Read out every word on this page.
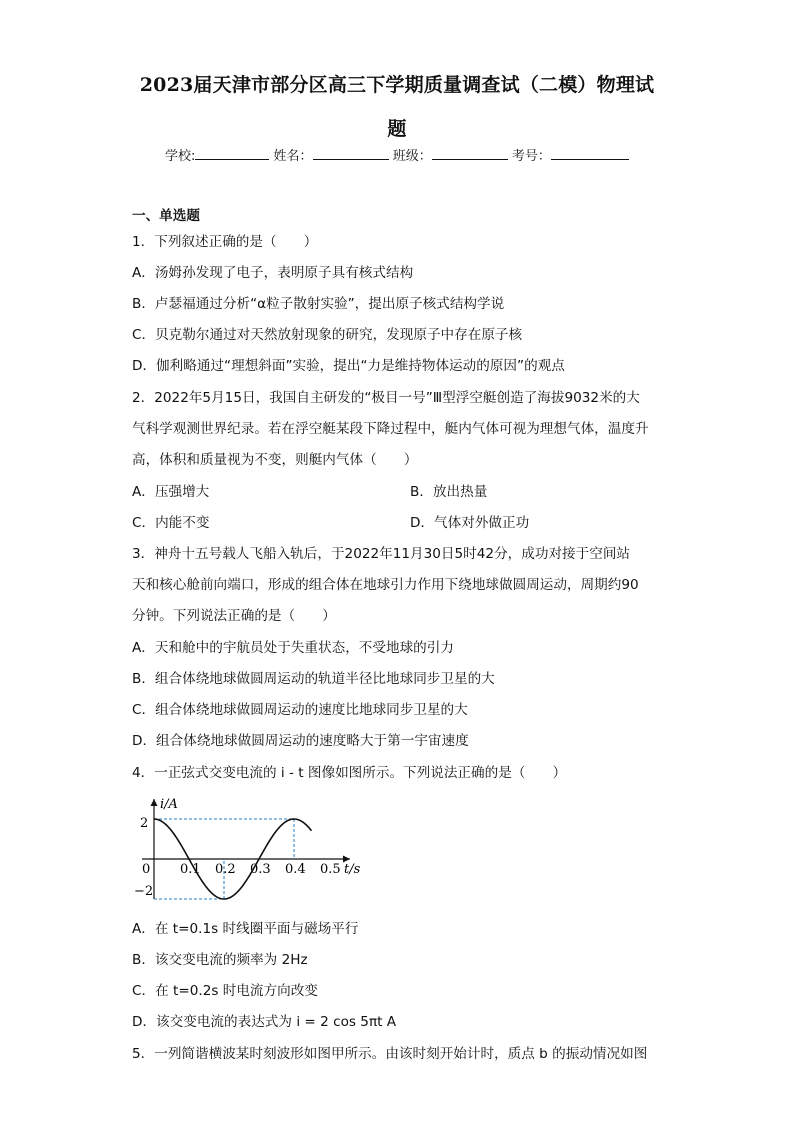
2023届天津市部分区高三下学期质量调查试（二模）物理试
题
学校:	姓名：	班级：	考号：
一、单选题
1．下列叙述正确的是（　　）
A．汤姆孙发现了电子，表明原子具有核式结构
B．卢瑟福通过分析“α粒子散射实验”，提出原子核式结构学说
C．贝克勒尔通过对天然放射现象的研究，发现原子中存在原子核
D．伽利略通过“理想斜面”实验，提出“力是维持物体运动的原因”的观点
2．2022年5月15日，我国自主研发的“极目一号”Ⅲ型浮空艇创造了海拔9032米的大
气科学观测世界纪录。若在浮空艇某段下降过程中，艇内气体可视为理想气体，温度升
高，体积和质量视为不变，则艇内气体（　　）
A．压强增大	B．放出热量
C．内能不变	D．气体对外做正功
3．神舟十五号载人飞船入轨后，于2022年11月30日5时42分，成功对接于空间站
天和核心舱前向端口，形成的组合体在地球引力作用下绕地球做圆周运动，周期约90
分钟。下列说法正确的是（　　）
A．天和舱中的宇航员处于失重状态，不受地球的引力
B．组合体绕地球做圆周运动的轨道半径比地球同步卫星的大
C．组合体绕地球做圆周运动的速度比地球同步卫星的大
D．组合体绕地球做圆周运动的速度略大于第一宇宙速度
4．一正弦式交变电流的 i - t 图像如图所示。下列说法正确的是（　　）
i/A
t/s
0
2
−2
0.1 0.2 0.3 0.4 0.5
A．在 t=0.1s 时线圈平面与磁场平行
B．该交变电流的频率为 2Hz
C．在 t=0.2s 时电流方向改变
D．该交变电流的表达式为 i = 2 cos 5πt A
5．一列简谐横波某时刻波形如图甲所示。由该时刻开始计时，质点 b 的振动情况如图
